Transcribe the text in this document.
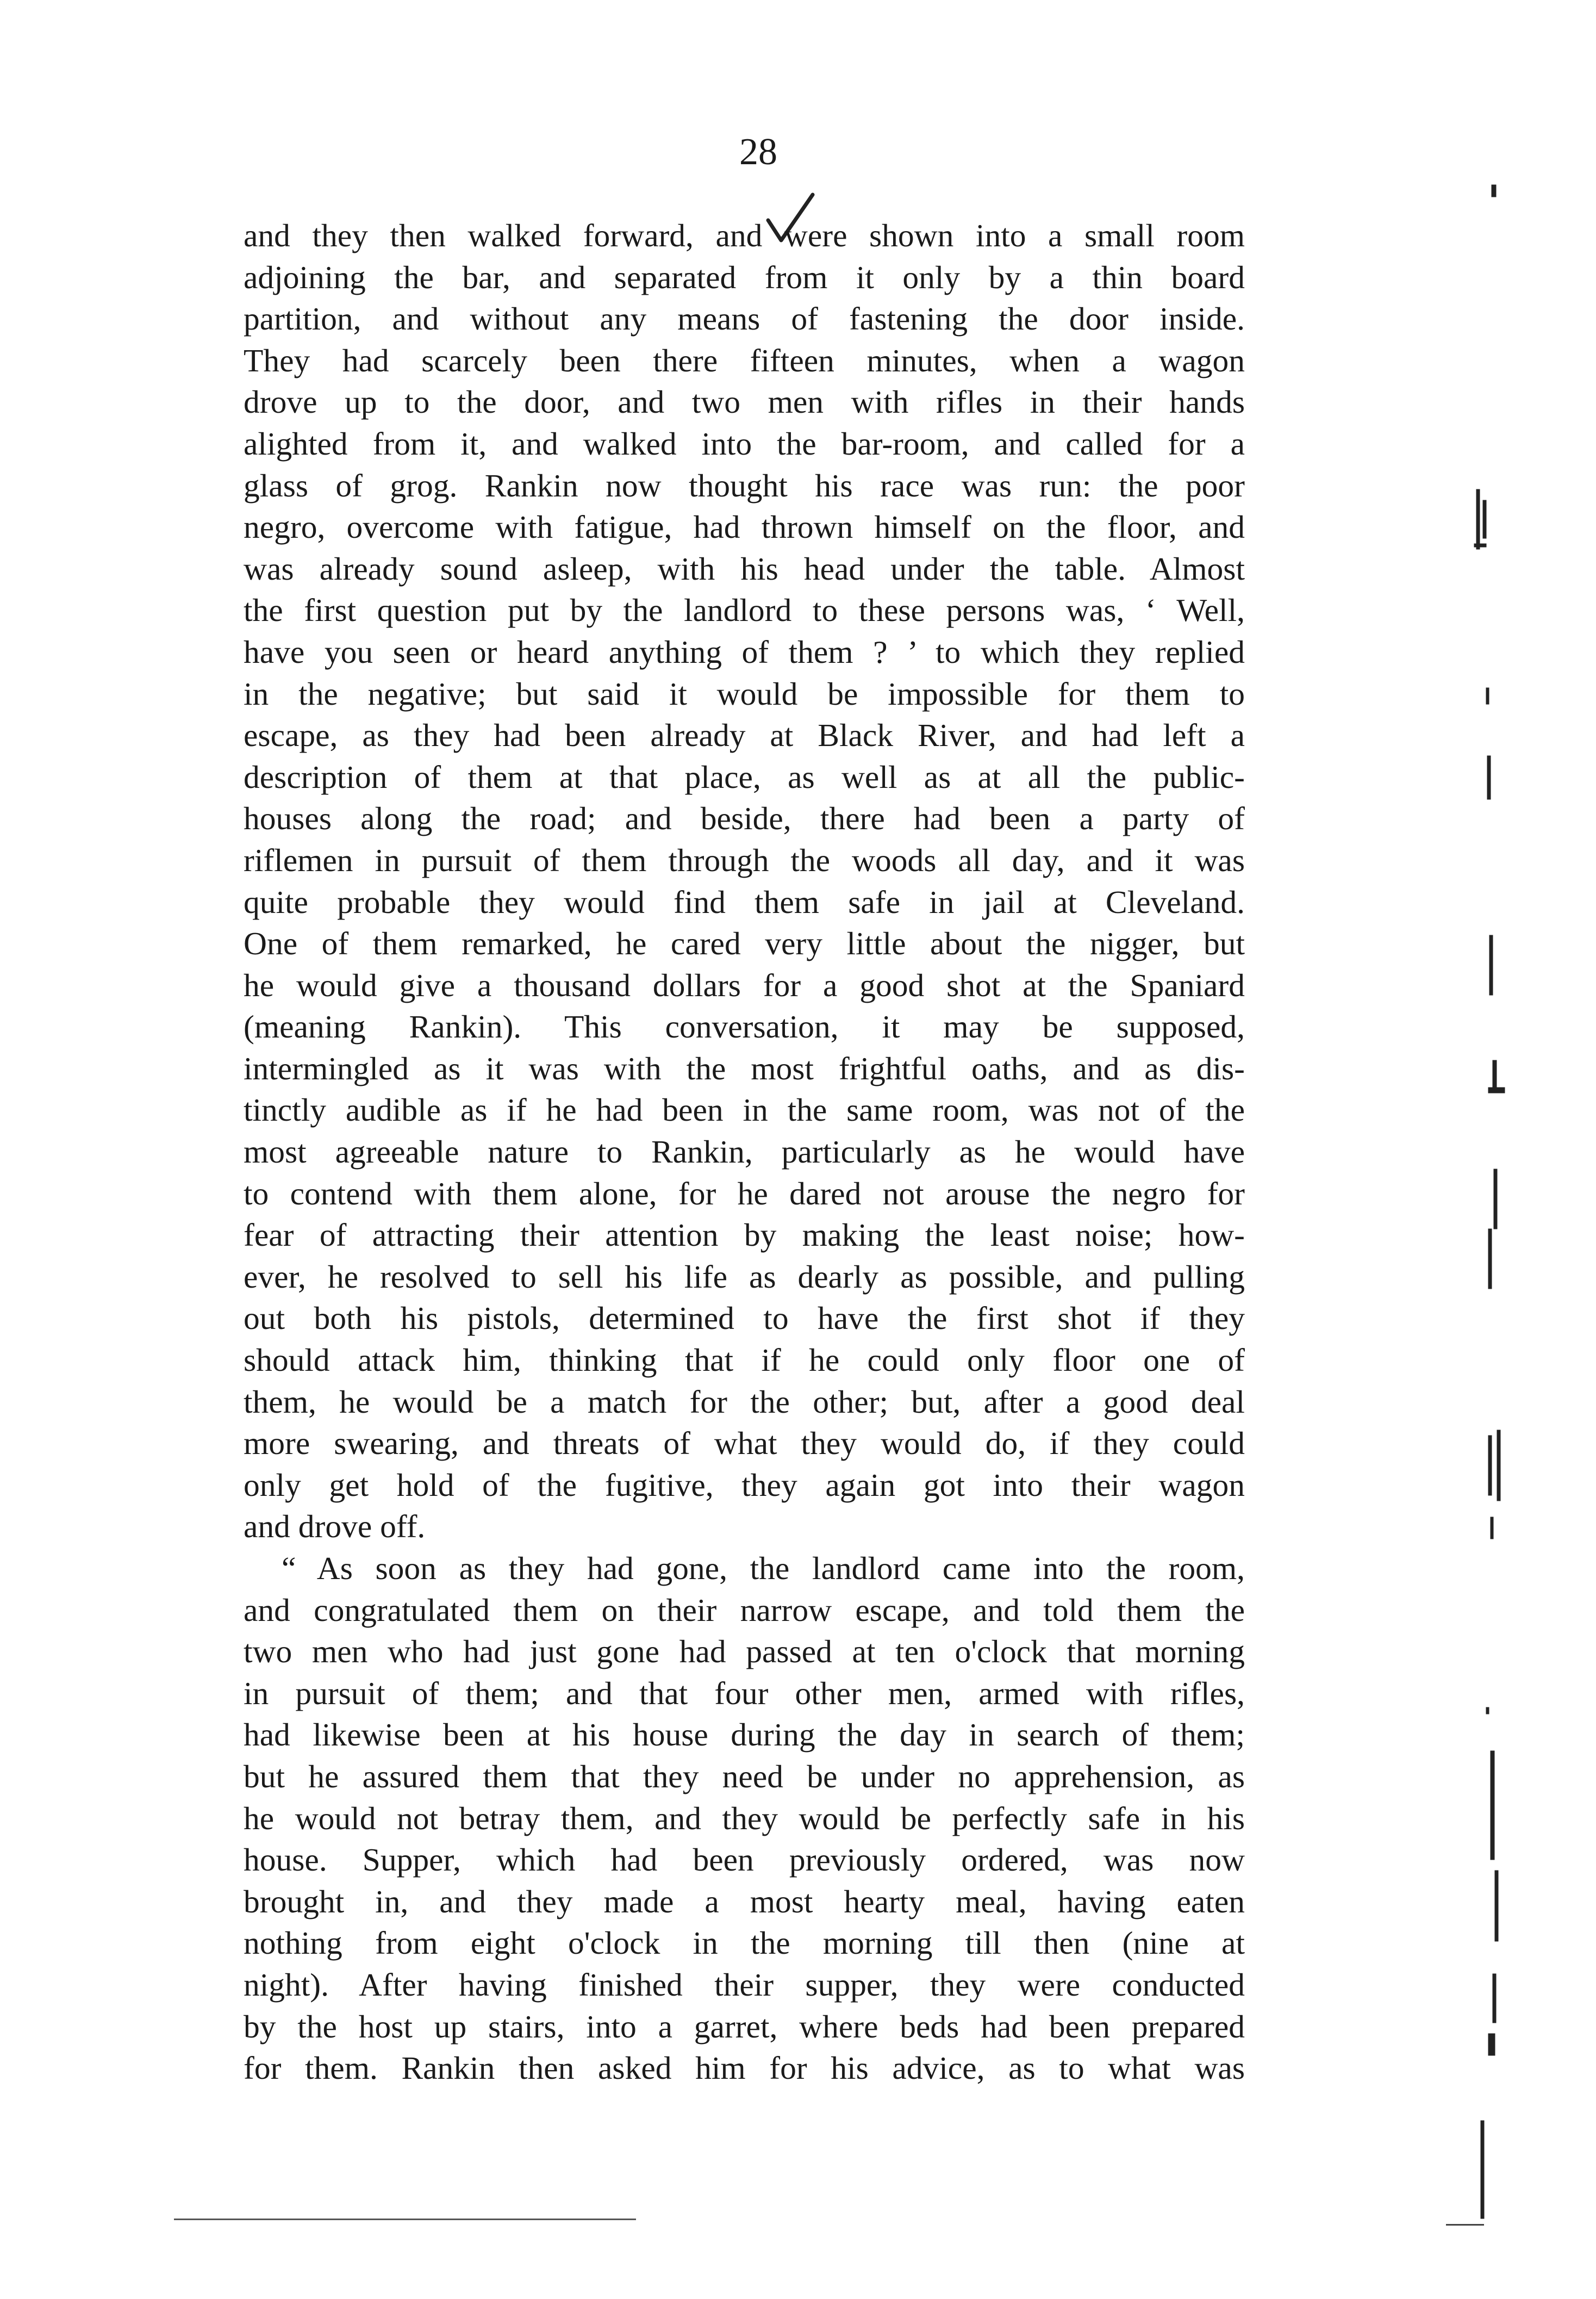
28
and they then walked forward, and were shown into a small room
adjoining the bar, and separated from it only by a thin board
partition, and without any means of fastening the door inside.
They had scarcely been there fifteen minutes, when a wagon
drove up to the door, and two men with rifles in their hands
alighted from it, and walked into the bar-room, and called for a
glass of grog. Rankin now thought his race was run: the poor
negro, overcome with fatigue, had thrown himself on the floor, and
was already sound asleep, with his head under the table. Almost
the first question put by the landlord to these persons was, ‘ Well,
have you seen or heard anything of them ? ’ to which they replied
in the negative; but said it would be impossible for them to
escape, as they had been already at Black River, and had left a
description of them at that place, as well as at all the public-
houses along the road; and beside, there had been a party of
riflemen in pursuit of them through the woods all day, and it was
quite probable they would find them safe in jail at Cleveland.
One of them remarked, he cared very little about the nigger, but
he would give a thousand dollars for a good shot at the Spaniard
(meaning Rankin). This conversation, it may be supposed,
intermingled as it was with the most frightful oaths, and as dis-
tinctly audible as if he had been in the same room, was not of the
most agreeable nature to Rankin, particularly as he would have
to contend with them alone, for he dared not arouse the negro for
fear of attracting their attention by making the least noise; how-
ever, he resolved to sell his life as dearly as possible, and pulling
out both his pistols, determined to have the first shot if they
should attack him, thinking that if he could only floor one of
them, he would be a match for the other; but, after a good deal
more swearing, and threats of what they would do, if they could
only get hold of the fugitive, they again got into their wagon
and drove off.
“ As soon as they had gone, the landlord came into the room,
and congratulated them on their narrow escape, and told them the
two men who had just gone had passed at ten o'clock that morning
in pursuit of them; and that four other men, armed with rifles,
had likewise been at his house during the day in search of them;
but he assured them that they need be under no apprehension, as
he would not betray them, and they would be perfectly safe in his
house. Supper, which had been previously ordered, was now
brought in, and they made a most hearty meal, having eaten
nothing from eight o'clock in the morning till then (nine at
night). After having finished their supper, they were conducted
by the host up stairs, into a garret, where beds had been prepared
for them. Rankin then asked him for his advice, as to what was
